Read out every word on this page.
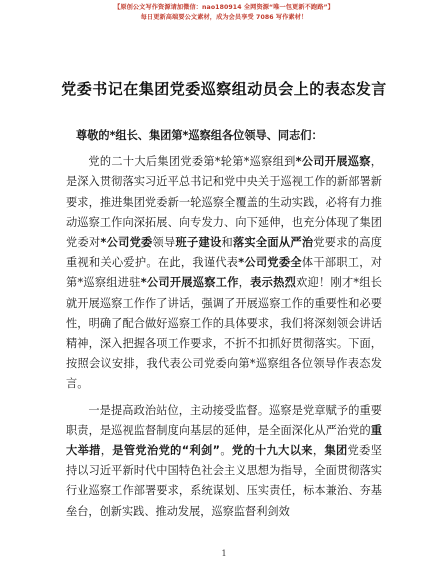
【原创公文写作资源请加微信：nao180914 全网资源“唯一包更新不跑路”】
每日更新高端要公文素材，成为会员享受 7086 写作素材！
党委书记在集团党委巡察组动员会上的表态发言

尊敬的*组长、集团第*巡察组各位领导、同志们：

党的二十大后集团党委第*轮第*巡察组到*公司开展巡察，是深入贯彻落实习近平总书记和党中央关于巡视工作的新部署新要求，推进集团党委新一轮巡察全覆盖的生动实践，必将有力推动巡察工作向深拓展、向专发力、向下延伸，也充分体现了集团党委对*公司党委领导班子建设和落实全面从严治党要求的高度重视和关心爱护。在此，我谨代表*公司党委全体干部职工，对第*巡察组进驻*公司开展巡察工作，表示热烈欢迎！刚才*组长就开展巡察工作作了讲话，强调了开展巡察工作的重要性和必要性，明确了配合做好巡察工作的具体要求，我们将深刻领会讲话精神，深入把握各项工作要求，不折不扣抓好贯彻落实。下面，按照会议安排，我代表公司党委向第*巡察组各位领导作表态发言。

一是提高政治站位，主动接受监督。巡察是党章赋予的重要职责，是巡视监督制度向基层的延伸，是全面深化从严治党的重大举措，是管党治党的“利剑”。党的十九大以来，集团党委坚持以习近平新时代中国特色社会主义思想为指导，全面贯彻落实行业巡察工作部署要求，系统谋划、压实责任，标本兼治、夯基垒台，创新实践、推动发展，巡察监督利剑效

1
